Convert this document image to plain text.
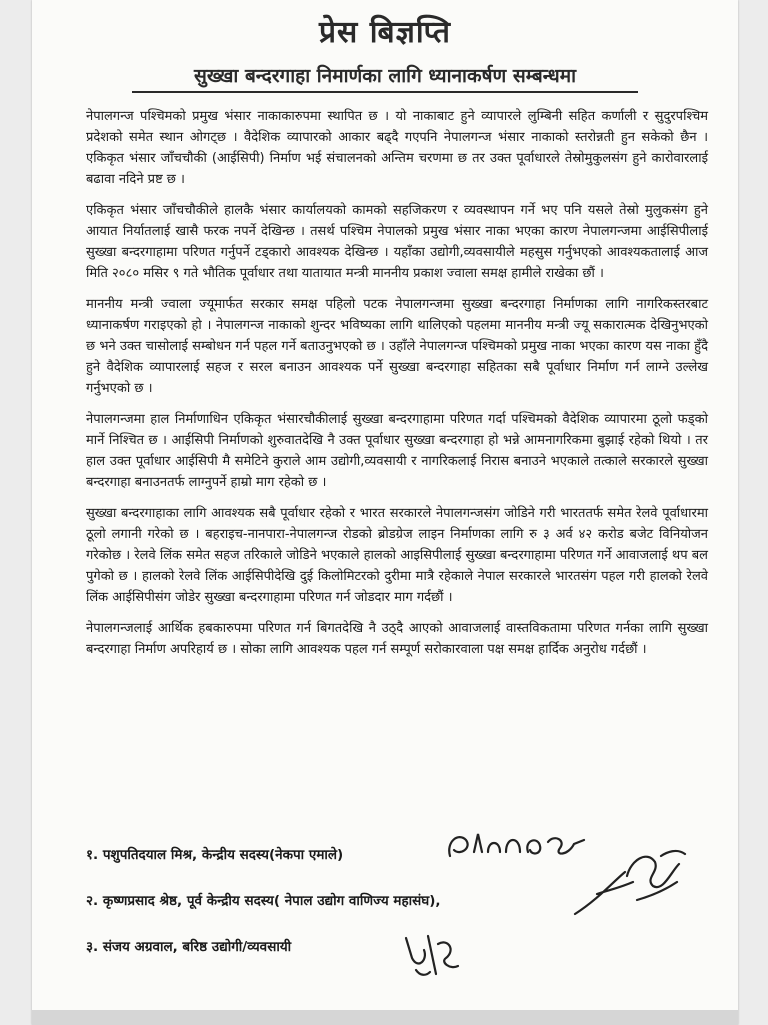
प्रेस बिज्ञप्ति
सुख्खा बन्दरगाहा निमार्णका लागि ध्यानाकर्षण सम्बन्धमा

नेपालगन्ज पश्चिमको प्रमुख भंसार नाकाकारुपमा स्थापित छ । यो नाकाबाट हुने व्यापारले लुम्बिनी सहित कर्णाली र सुदुरपश्चिम प्रदेशको समेत स्थान ओगट्छ । वैदेशिक व्यापारको आकार बढ्दै गएपनि नेपालगन्ज भंसार नाकाको स्तरोन्नती हुन सकेको छैन । एकिकृत भंसार जाँचचौकी (आईसिपी) निर्माण भई संचालनको अन्तिम चरणमा छ तर उक्त पूर्वाधारले तेस्रोमुकुलसंग हुने कारोवारलाई बढावा नदिने प्रष्ट छ ।

एकिकृत भंसार जाँचचौकीले हालकै भंसार कार्यालयको कामको सहजिकरण र व्यवस्थापन गर्ने भए पनि यसले तेस्रो मुलुकसंग हुने आयात निर्यातलाई खासै फरक नपर्ने देखिन्छ । तसर्थ पश्चिम नेपालको प्रमुख भंसार नाका भएका कारण नेपालगन्जमा आईसिपीलाई सुख्खा बन्दरगाहामा परिणत गर्नुपर्ने टड्कारो आवश्यक देखिन्छ । यहाँका उद्योगी,व्यवसायीले महसुस गर्नुभएको आवश्यकतालाई आज मिति २०८० मसिर ९ गते भौतिक पूर्वाधार तथा यातायात मन्त्री माननीय प्रकाश ज्वाला समक्ष हामीले राखेका छौं ।

माननीय मन्त्री ज्वाला ज्यूमार्फत सरकार समक्ष पहिलो पटक नेपालगन्जमा सुख्खा बन्दरगाहा निर्माणका लागि नागरिकस्तरबाट ध्यानाकर्षण गराइएको हो । नेपालगन्ज नाकाको शुन्दर भविष्यका लागि थालिएको पहलमा माननीय मन्त्री ज्यू सकारात्मक देखिनुभएको छ भने उक्त चासोलाई सम्बोधन गर्न पहल गर्ने बताउनुभएको छ । उहाँले नेपालगन्ज पश्चिमको प्रमुख नाका भएका कारण यस नाका हुँदै हुने वैदेशिक व्यापारलाई सहज र सरल बनाउन आवश्यक पर्ने सुख्खा बन्दरगाहा सहितका सबै पूर्वाधार निर्माण गर्न लाग्ने उल्लेख गर्नुभएको छ ।

नेपालगन्जमा हाल निर्माणाधिन एकिकृत भंसारचौकीलाई सुख्खा बन्दरगाहामा परिणत गर्दा पश्चिमको वैदेशिक व्यापारमा ठूलो फड्को मार्ने निश्चित छ । आईसिपी निर्माणको शुरुवातदेखि नै उक्त पूर्वाधार सुख्खा बन्दरगाहा हो भन्ने आमनागरिकमा बुझाई रहेको थियो । तर हाल उक्त पूर्वाधार आईसिपी मै समेटिने कुराले आम उद्योगी,व्यवसायी र नागरिकलाई निरास बनाउने भएकाले तत्काले सरकारले सुख्खा बन्दरगाहा बनाउनतर्फ लाग्नुपर्ने हाम्रो माग रहेको छ ।

सुख्खा बन्दरगाहाका लागि आवश्यक सबै पूर्वाधार रहेको र भारत सरकारले नेपालगन्जसंग जोडिने गरी भारततर्फ समेत रेलवे पूर्वाधारमा ठूलो लगानी गरेको छ । बहराइच-नानपारा-नेपालगन्ज रोडको ब्रोडग्रेज लाइन निर्माणका लागि रु ३ अर्व ४२ करोड बजेट विनियोजन गरेकोछ । रेलवे लिंक समेत सहज तरिकाले जोडिने भएकाले हालको आइसिपीलाई सुख्खा बन्दरगाहामा परिणत गर्ने आवाजलाई थप बल पुगेको छ । हालको रेलवे लिंक आईसिपीदेखि दुई किलोमिटरको दुरीमा मात्रै रहेकाले नेपाल सरकारले भारतसंग पहल गरी हालको रेलवे लिंक आईसिपीसंग जोडेर सुख्खा बन्दरगाहामा परिणत गर्न जोडदार माग गर्दछौं ।

नेपालगन्जलाई आर्थिक हबकारुपमा परिणत गर्न बिगतदेखि नै उठ्दै आएको आवाजलाई वास्तविकतामा परिणत गर्नका लागि सुख्खा बन्दरगाहा निर्माण अपरिहार्य छ । सोका लागि आवश्यक पहल गर्न सम्पूर्ण सरोकारवाला पक्ष समक्ष हार्दिक अनुरोध गर्दछौं ।

१. पशुपतिदयाल मिश्र, केन्द्रीय सदस्य(नेकपा एमाले)
२. कृष्णप्रसाद श्रेष्ठ, पूर्व केन्द्रीय सदस्य( नेपाल उद्योग वाणिज्य महासंघ),
३. संजय अग्रवाल, बरिष्ठ उद्योगी/व्यवसायी
